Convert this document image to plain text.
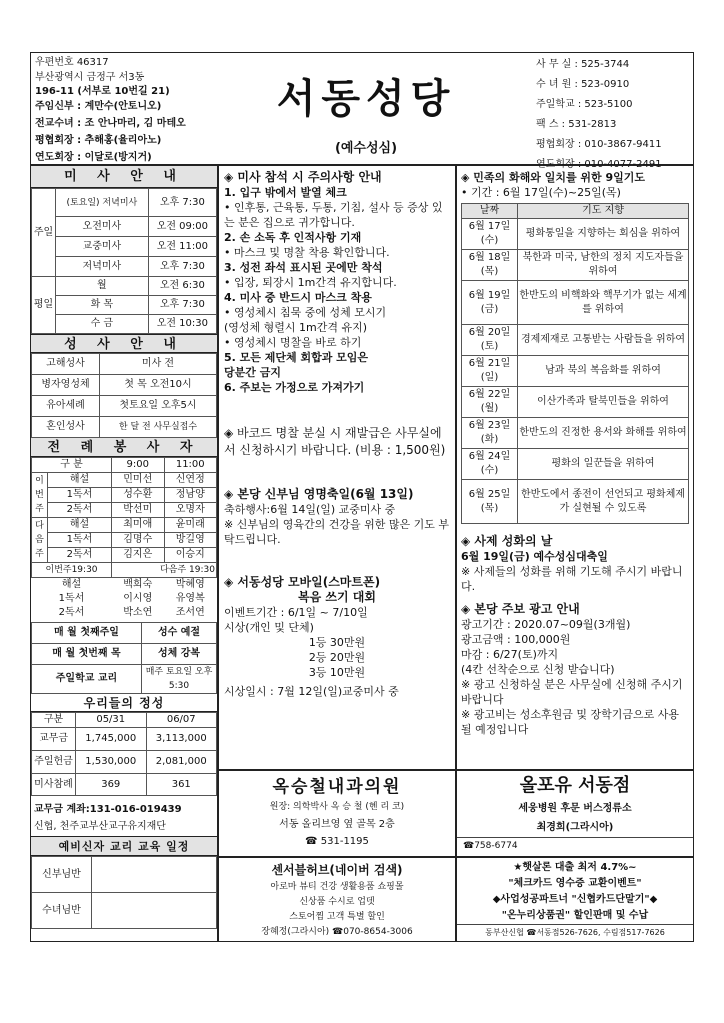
우편번호 46317
부산광역시 금정구 서3동
196-11 (서부로 10번길 21)
주임신부 : 계만수(안토니오)
전교수녀 : 조 안나마리, 김 마테오
평협회장 : 추해홍(율리아노)
연도회장 : 이달로(방지거)
서동성당
(예수성심)
사 무 실 : 525-3744
수 녀 원 : 523-0910
주일학교 : 523-5100
팩 스 : 531-2813
평협회장 : 010-3867-9411
연도회장 : 010-4077-2491
미 사 안 내
주일	(토요일) 저녁미사	오후 7:30
	오전미사	오전 09:00
	교중미사	오전 11:00
	저녁미사	오후 7:30
평일	월	오전 6:30
	화 목	오후 7:30
	수 금	오전 10:30
성 사 안 내
고해성사	미사 전
병자영성체	첫 목 오전10시
유아세례	첫토요일 오후5시
혼인성사	한 달 전 사무실접수
전 례 봉 사 자
구 분		9:00	11:00
이 번 주	해설	민미선	신연정
	1독서	성수환	정남양
	2독서	박선미	오명자
다 음 주	해설	최미애	윤미래
	1독서	김명수	방길영
	2독서	김지은	이승지
이번주19:30		다음주 19:30	
해설		백희숙	박혜영
1독서		이시영	유영복
2독서		박소연	조서연
매 월 첫째주일	성수 예절
매 월 첫번째 목	성체 강복
주일학교 교리	매주 토요일 오후5:30
우리들의 정성
구분	05/31	06/07
교무금	1,745,000	3,113,000
주일헌금	1,530,000	2,081,000
미사참례	369	361
교무금 계좌:131-016-019439
신협, 천주교부산교구유지재단
예비신자 교리 교육 일정
신부님반	
수녀님반	

◈ 미사 참석 시 주의사항 안내

1. 입구 밖에서 발열 체크

• 인후통, 근육통, 두통, 기침, 설사 등 증상 있는 분은 집으로 귀가합니다.

2. 손 소독 후 인적사항 기재

• 마스크 및 명찰 착용 확인합니다.

3. 성전 좌석 표시된 곳에만 착석

• 입장, 퇴장시 1m간격 유지합니다.

4. 미사 중 반드시 마스크 착용

• 영성체시 침묵 중에 성체 모시기

(영성체 형렬시 1m간격 유지)

• 영성체시 명찰을 바로 하기

5. 모든 제단체 회합과 모임은

당분간 금지

6. 주보는 가정으로 가져가기

◈ 바코드 명찰 분실 시 재발급은 사무실에서 신청하시기 바랍니다. (비용 : 1,500원)

◈ 본당 신부님 영명축일(6월 13일)

축하행사:6월 14일(일) 교중미사 중

※ 신부님의 영육간의 건강을 위한 많은 기도 부탁드립니다.

◈ 서동성당 모바일(스마트폰)

복음 쓰기 대회

이벤트기간 : 6/1일 ~ 7/10일

시상(개인 및 단체)

1등 30만원

2등 20만원

3등 10만원

시상일시 : 7월 12일(일)교중미사 중

◈ 민족의 화해와 일치를 위한 9일기도

• 기간 : 6월 17일(수)~25일(목)

날짜	기도 지향
6월 17일(수)	평화통일을 지향하는 회심을 위하여
6월 18일(목)	북한과 미국, 남한의 정치 지도자들을 위하여
6월 19일(금)	한반도의 비핵화와 핵무기가 없는 세계를 위하여
6월 20일(토)	경제제재로 고통받는 사람들을 위하여
6월 21일(일)	남과 북의 복음화를 위하여
6월 22일(월)	이산가족과 탈북민들을 위하여
6월 23일(화)	한반도의 진정한 용서와 화해를 위하여
6월 24일(수)	평화의 일꾼들을 위하여
6월 25일(목)	한반도에서 종전이 선언되고 평화체제가 실현될 수 있도록

◈ 사제 성화의 날

6월 19일(금) 예수성심대축일

※ 사제들의 성화를 위해 기도해 주시기 바랍니다.

◈ 본당 주보 광고 안내

광고기간 : 2020.07~09월(3개월)

광고금액 : 100,000원

마감 : 6/27(토)까지

(4칸 선착순으로 신청 받습니다)

※ 광고 신청하실 분은 사무실에 신청해 주시기 바랍니다

※ 광고비는 성소후원금 및 장학기금으로 사용될 예정입니다

옥승철내과의원
원장: 의학박사 옥 승 철 (헨 리 코)
서동 올리브영 옆 골목 2층
☎ 531-1195
올포유 서동점
세웅병원 후문 버스정류소
최경희(그라시아)
☎758-6774
센서블허브(네이버 검색)
아로마 뷰티 건강 생활용품 쇼핑몰
신상품 수시로 업뎃
스토어찜 고객 특별 할인
장혜정(그라시아) ☎070-8654-3006
★햇살론 대출 최저 4.7%~
"체크카드 영수증 교환이벤트"
◆사업성공파트너 "신협카드단말기"◆
"온누리상품권" 할인판매 및 수납
동부산신협 ☎서동점526-7626, 수림점517-7626
